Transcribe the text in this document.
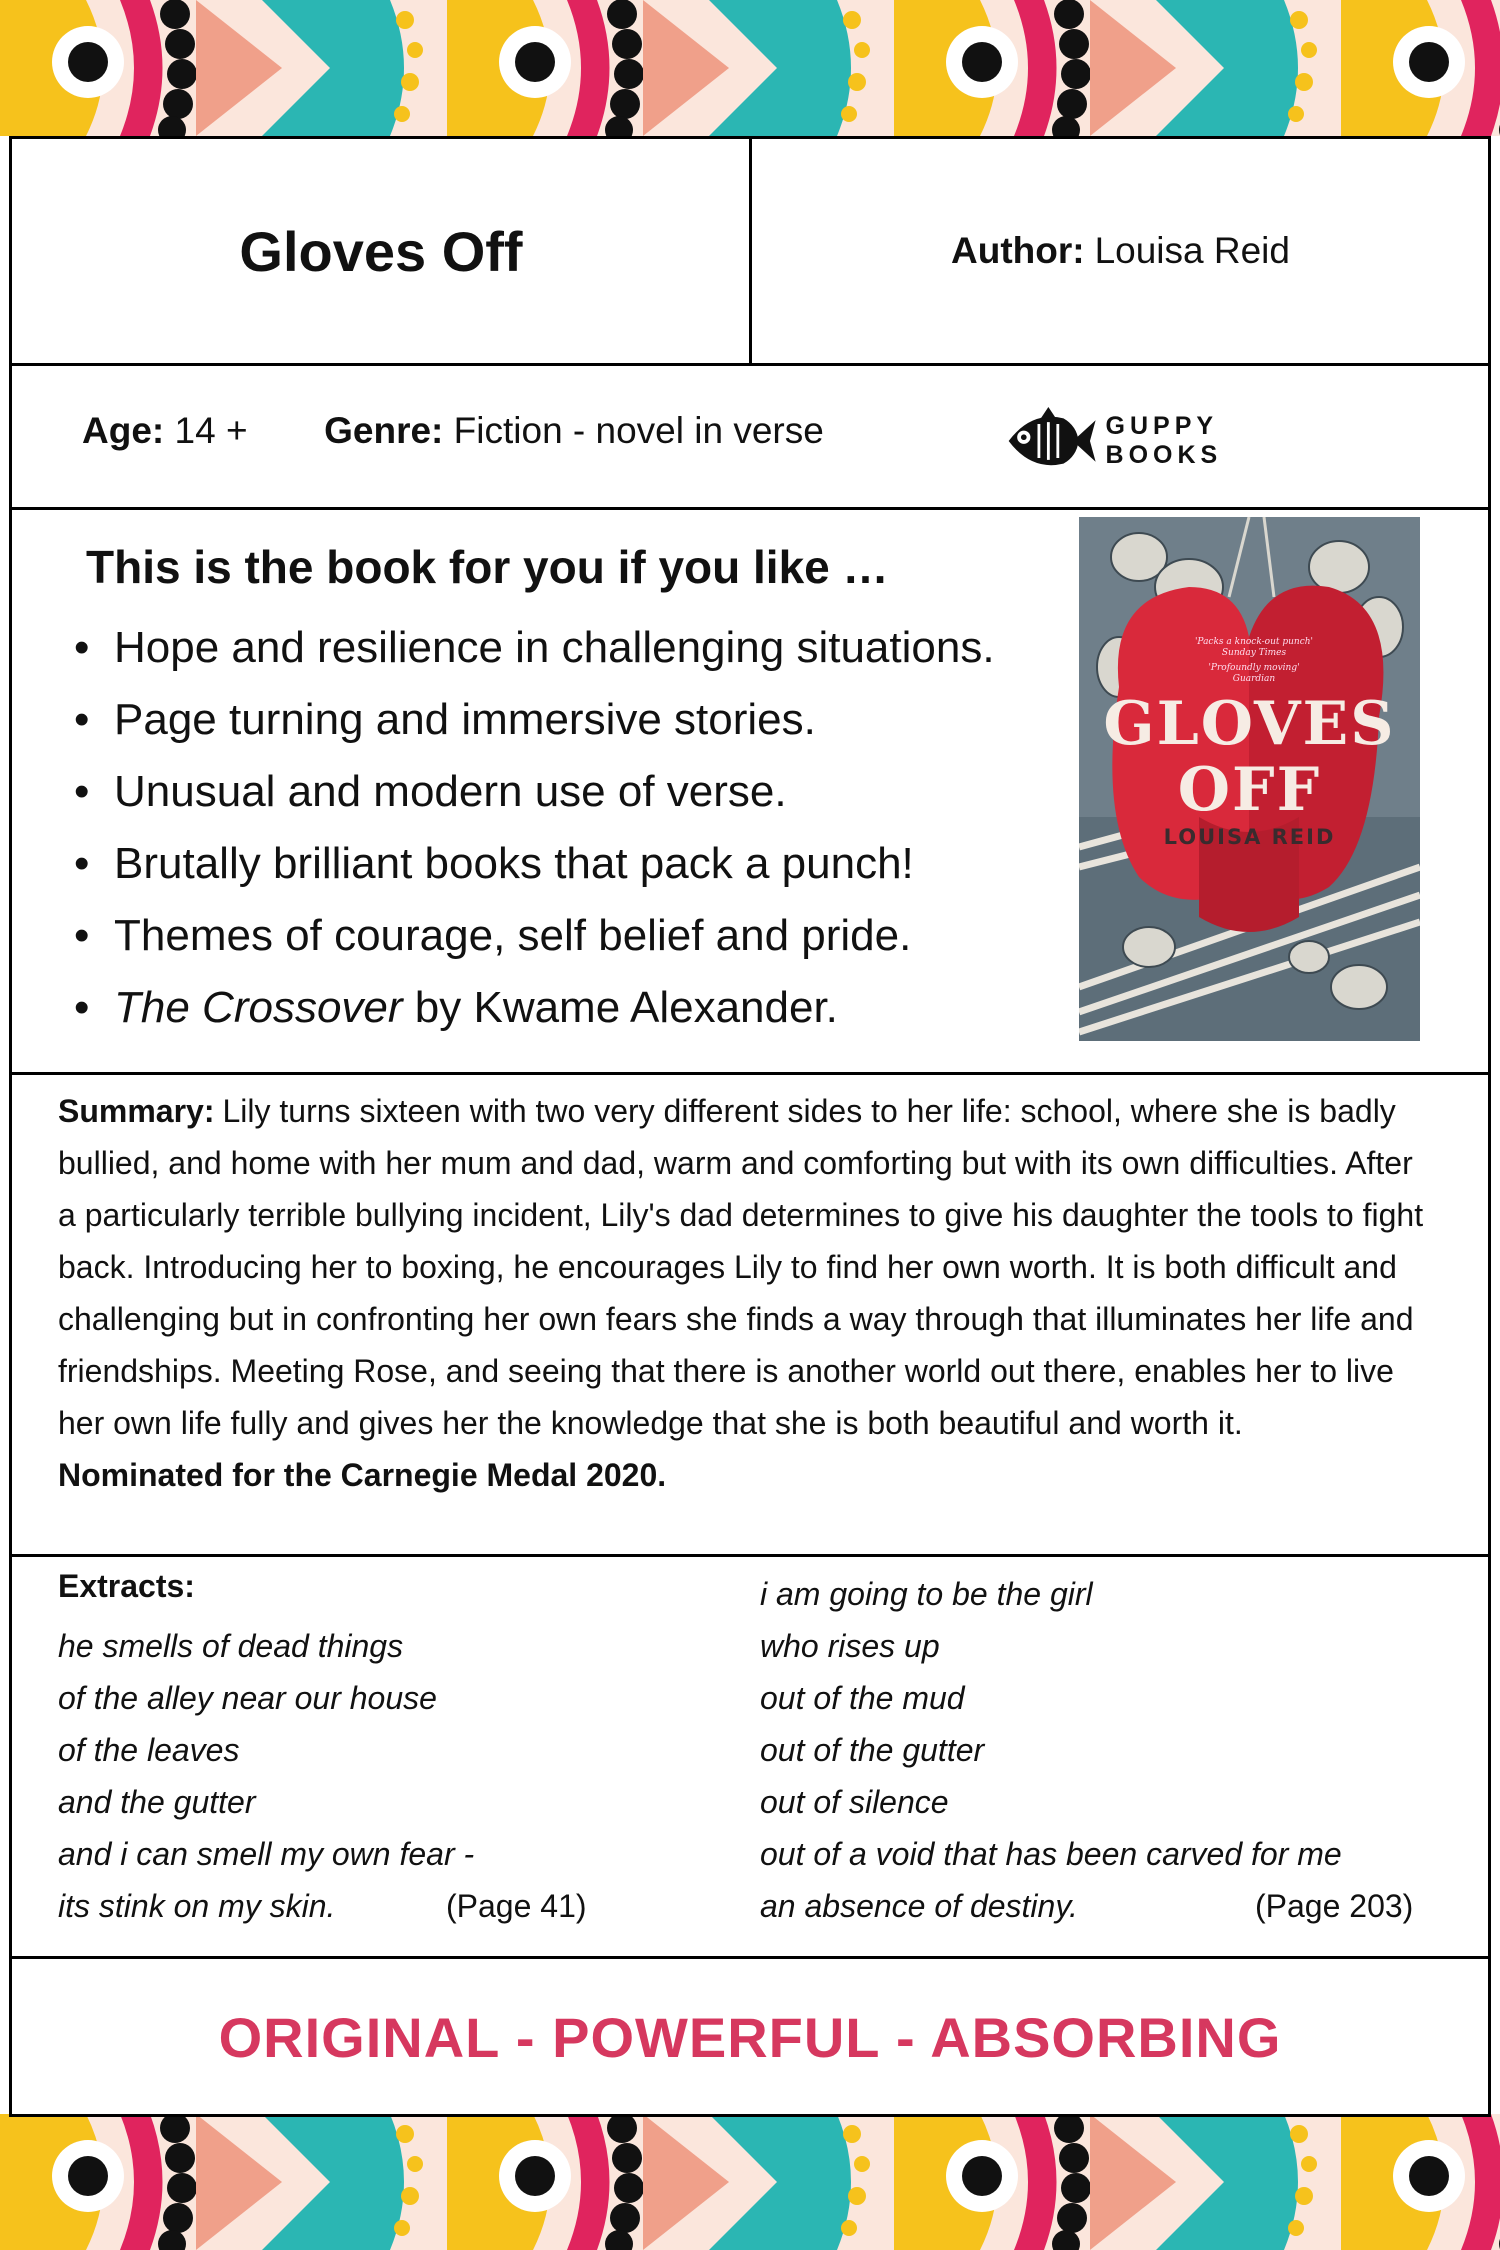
Gloves Off	Author: Louisa Reid
Age: 14 + Genre: Fiction - novel in verse	GUPPY BOOKS
This is the book for you if you like …
• Hope and resilience in challenging situations.
• Page turning and immersive stories.
• Unusual and modern use of verse.
• Brutally brilliant books that pack a punch!
• Themes of courage, self belief and pride.
• The Crossover by Kwame Alexander.
'Packs a knock-out punch'
Sunday Times
'Profoundly moving' Guardian
GLOVES
OFF
LOUISA REID
Summary: Lily turns sixteen with two very different sides to her life: school, where she is badly bullied, and home with her mum and dad, warm and comforting but with its own difficulties. After a particularly terrible bullying incident, Lily's dad determines to give his daughter the tools to fight back. Introducing her to boxing, he encourages Lily to find her own worth. It is both difficult and challenging but in confronting her own fears she finds a way through that illuminates her life and friendships. Meeting Rose, and seeing that there is another world out there, enables her to live her own life fully and gives her the knowledge that she is both beautiful and worth it.
Nominated for the Carnegie Medal 2020.
Extracts:
he smells of dead things
of the alley near our house
of the leaves
and the gutter
and i can smell my own fear -
its stink on my skin.	(Page 41)
i am going to be the girl
who rises up
out of the mud
out of the gutter
out of silence
out of a void that has been carved for me
an absence of destiny.	(Page 203)
ORIGINAL - POWERFUL - ABSORBING
